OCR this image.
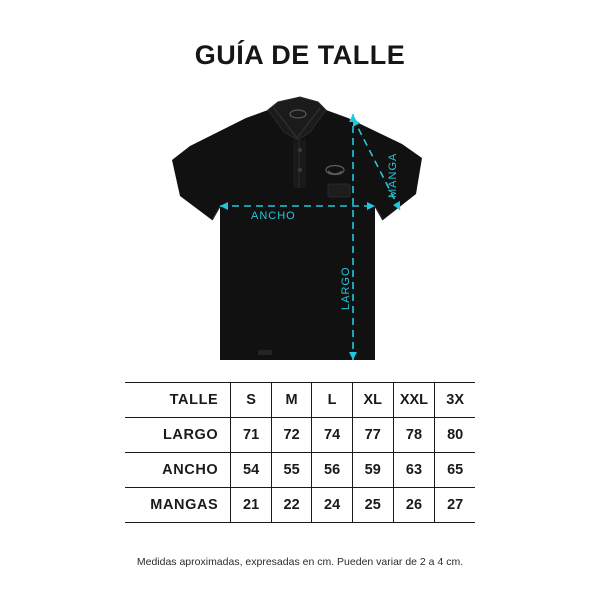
GUÍA DE TALLE
ANCHO
LARGO
MANGA
TALLE	S	M	L	XL	XXL	3X
LARGO	71	72	74	77	78	80
ANCHO	54	55	56	59	63	65
MANGAS	21	22	24	25	26	27
Medidas aproximadas, expresadas en cm. Pueden variar de 2 a 4 cm.
